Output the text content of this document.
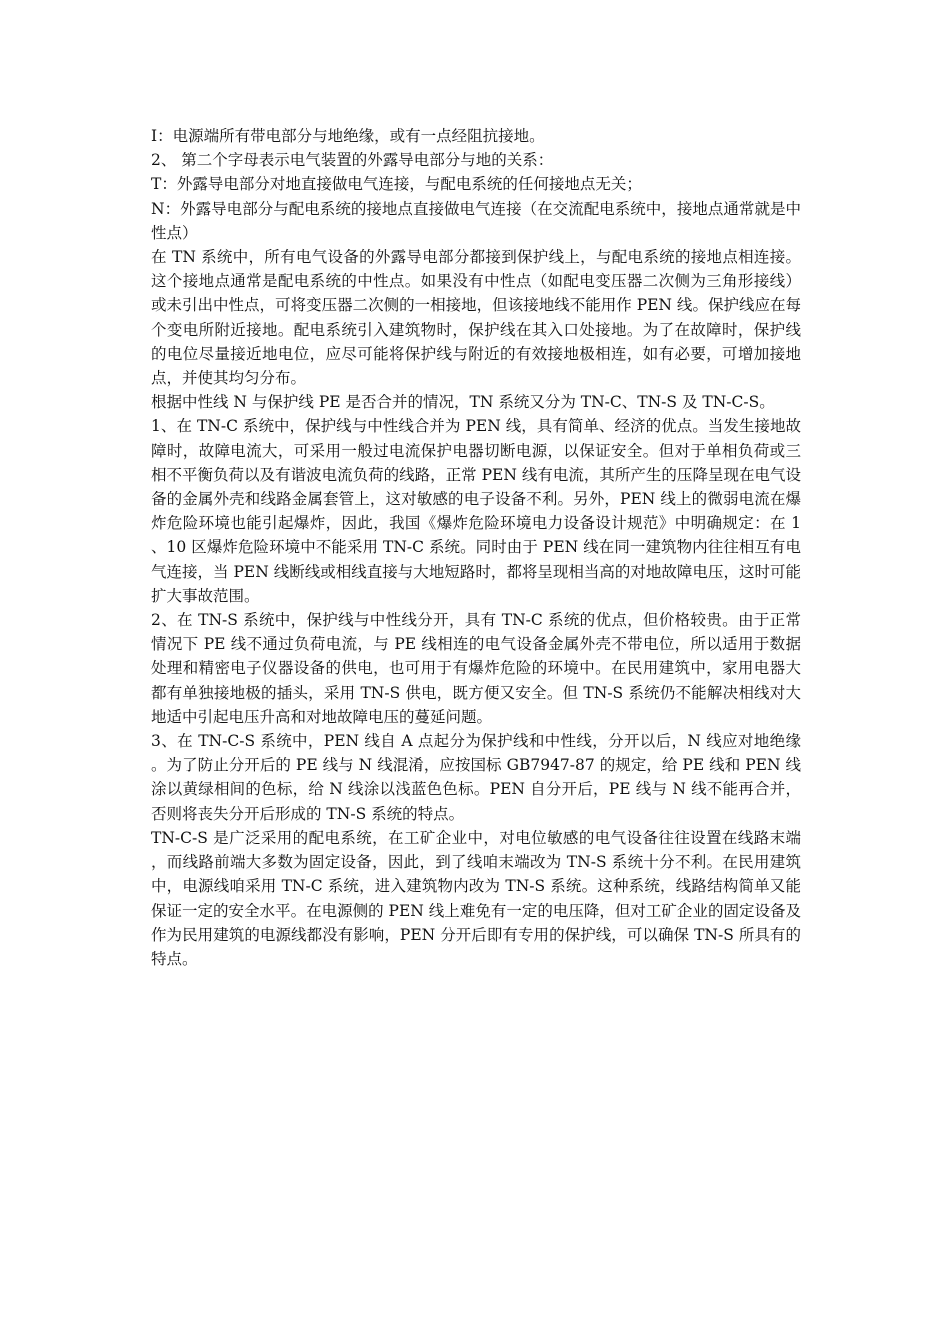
I：电源端所有带电部分与地绝缘，或有一点经阻抗接地。

2、 第二个字母表示电气装置的外露导电部分与地的关系：

T：外露导电部分对地直接做电气连接，与配电系统的任何接地点无关；

N：外露导电部分与配电系统的接地点直接做电气连接（在交流配电系统中，接地点通常就是中性点）

在 TN 系统中，所有电气设备的外露导电部分都接到保护线上，与配电系统的接地点相连接。这个接地点通常是配电系统的中性点。如果没有中性点（如配电变压器二次侧为三角形接线）或未引出中性点，可将变压器二次侧的一相接地，但该接地线不能用作 PEN 线。保护线应在每个变电所附近接地。配电系统引入建筑物时，保护线在其入口处接地。为了在故障时，保护线的电位尽量接近地电位，应尽可能将保护线与附近的有效接地极相连，如有必要，可增加接地点，并使其均匀分布。

根据中性线 N 与保护线 PE 是否合并的情况，TN 系统又分为 TN-C、TN-S 及 TN-C-S。

1、在 TN-C 系统中，保护线与中性线合并为 PEN 线，具有简单、经济的优点。当发生接地故障时，故障电流大，可采用一般过电流保护电器切断电源，以保证安全。但对于单相负荷或三相不平衡负荷以及有谐波电流负荷的线路，正常 PEN 线有电流，其所产生的压降呈现在电气设备的金属外壳和线路金属套管上，这对敏感的电子设备不利。另外，PEN 线上的微弱电流在爆炸危险环境也能引起爆炸，因此，我国《爆炸危险环境电力设备设计规范》中明确规定：在 1、10 区爆炸危险环境中不能采用 TN-C 系统。同时由于 PEN 线在同一建筑物内往往相互有电气连接，当 PEN 线断线或相线直接与大地短路时，都将呈现相当高的对地故障电压，这时可能扩大事故范围。

2、在 TN-S 系统中，保护线与中性线分开，具有 TN-C 系统的优点，但价格较贵。由于正常情况下 PE 线不通过负荷电流，与 PE 线相连的电气设备金属外壳不带电位，所以适用于数据处理和精密电子仪器设备的供电，也可用于有爆炸危险的环境中。在民用建筑中，家用电器大都有单独接地极的插头，采用 TN-S 供电，既方便又安全。但 TN-S 系统仍不能解决相线对大地适中引起电压升高和对地故障电压的蔓延问题。

3、在 TN-C-S 系统中，PEN 线自 A 点起分为保护线和中性线，分开以后，N 线应对地绝缘。为了防止分开后的 PE 线与 N 线混淆，应按国标 GB7947-87 的规定，给 PE 线和 PEN 线涂以黄绿相间的色标，给 N 线涂以浅蓝色色标。PEN 自分开后，PE 线与 N 线不能再合并，否则将丧失分开后形成的 TN-S 系统的特点。

TN-C-S 是广泛采用的配电系统，在工矿企业中，对电位敏感的电气设备往往设置在线路末端，而线路前端大多数为固定设备，因此，到了线咱末端改为 TN-S 系统十分不利。在民用建筑中，电源线咱采用 TN-C 系统，进入建筑物内改为 TN-S 系统。这种系统，线路结构简单又能保证一定的安全水平。在电源侧的 PEN 线上难免有一定的电压降，但对工矿企业的固定设备及作为民用建筑的电源线都没有影响，PEN 分开后即有专用的保护线，可以确保 TN-S 所具有的特点。
